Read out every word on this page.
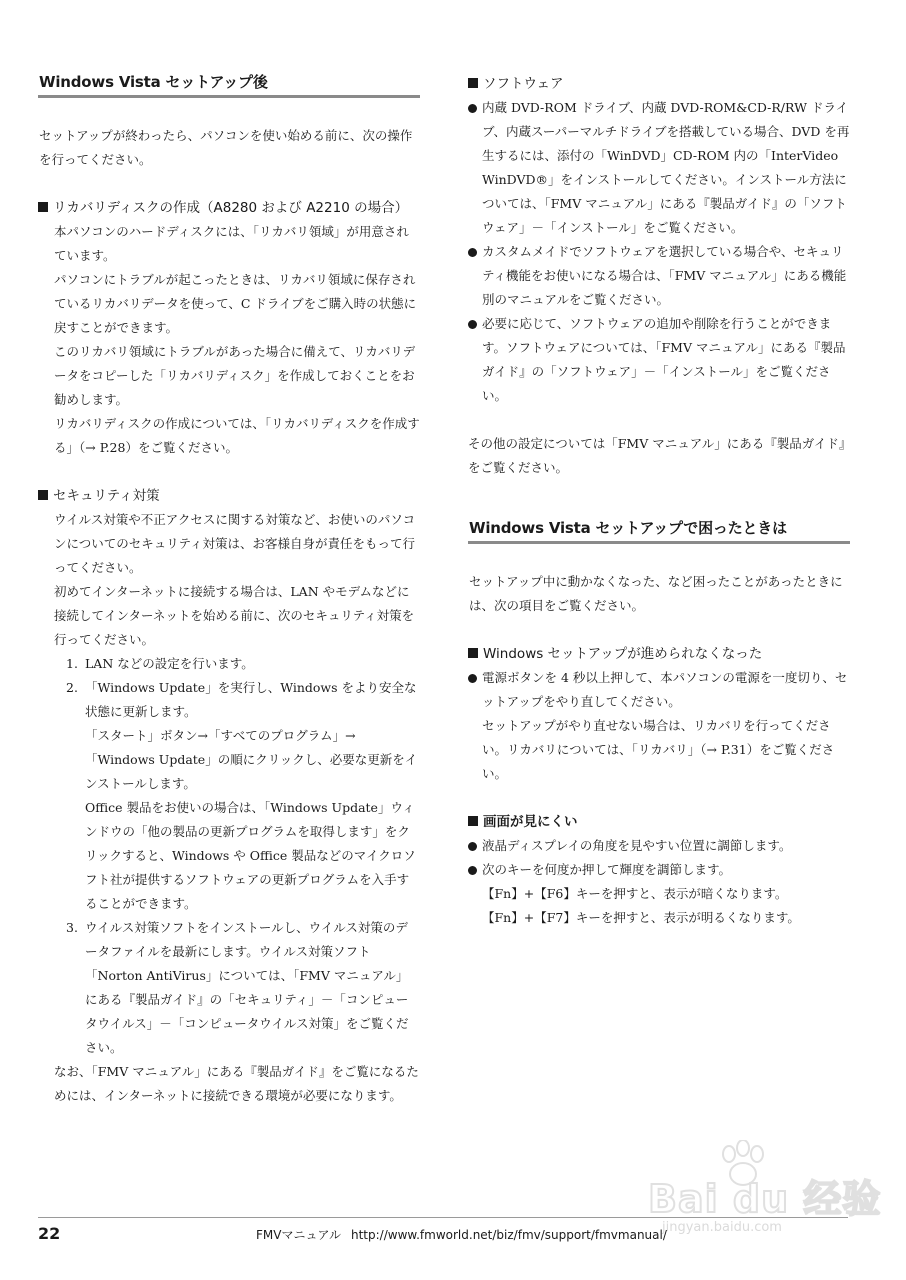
Windows Vista セットアップ後

セットアップが終わったら、パソコンを使い始める前に、次の操作を行ってください。

リカバリディスクの作成（A8280 および A2210 の場合）

本パソコンのハードディスクには、「リカバリ領域」が用意されています。

パソコンにトラブルが起こったときは、リカバリ領域に保存されているリカバリデータを使って、C ドライブをご購入時の状態に戻すことができます。

このリカバリ領域にトラブルがあった場合に備えて、リカバリデータをコピーした「リカバリディスク」を作成しておくことをお勧めします。

リカバリディスクの作成については、「リカバリディスクを作成する」（→ P.28）をご覧ください。

セキュリティ対策

ウイルス対策や不正アクセスに関する対策など、お使いのパソコンについてのセキュリティ対策は、お客様自身が責任をもって行ってください。

初めてインターネットに接続する場合は、LAN やモデムなどに接続してインターネットを始める前に、次のセキュリティ対策を行ってください。

1. LAN などの設定を行います。

2. 「Windows Update」を実行し、Windows をより安全な状態に更新します。

「スタート」ボタン→「すべてのプログラム」→「Windows Update」の順にクリックし、必要な更新をインストールします。

Office 製品をお使いの場合は、「Windows Update」ウィンドウの「他の製品の更新プログラムを取得します」をクリックすると、Windows や Office 製品などのマイクロソフト社が提供するソフトウェアの更新プログラムを入手することができます。

3. ウイルス対策ソフトをインストールし、ウイルス対策のデータファイルを最新にします。ウイルス対策ソフト「Norton AntiVirus」については、「FMV マニュアル」にある『製品ガイド』の「セキュリティ」－「コンピュータウイルス」－「コンピュータウイルス対策」をご覧ください。

なお、「FMV マニュアル」にある『製品ガイド』をご覧になるためには、インターネットに接続できる環境が必要になります。

ソフトウェア

内蔵 DVD-ROM ドライブ、内蔵 DVD-ROM&CD-R/RW ドライブ、内蔵スーパーマルチドライブを搭載している場合、DVD を再生するには、添付の「WinDVD」CD-ROM 内の「InterVideo WinDVD®」をインストールしてください。インストール方法については、「FMV マニュアル」にある『製品ガイド』の「ソフトウェア」－「インストール」をご覧ください。

カスタムメイドでソフトウェアを選択している場合や、セキュリティ機能をお使いになる場合は、「FMV マニュアル」にある機能別のマニュアルをご覧ください。

必要に応じて、ソフトウェアの追加や削除を行うことができます。ソフトウェアについては、「FMV マニュアル」にある『製品ガイド』の「ソフトウェア」－「インストール」をご覧ください。

その他の設定については「FMV マニュアル」にある『製品ガイド』をご覧ください。

Windows Vista セットアップで困ったときは

セットアップ中に動かなくなった、など困ったことがあったときには、次の項目をご覧ください。

Windows セットアップが進められなくなった

電源ボタンを 4 秒以上押して、本パソコンの電源を一度切り、セットアップをやり直してください。

セットアップがやり直せない場合は、リカバリを行ってください。リカバリについては、「リカバリ」（→ P.31）をご覧ください。

画面が見にくい

液晶ディスプレイの角度を見やすい位置に調節します。

次のキーを何度か押して輝度を調節します。

【Fn】+【F6】キーを押すと、表示が暗くなります。

【Fn】+【F7】キーを押すと、表示が明るくなります。

Bai du 经验
jingyan.baidu.com
22	FMVマニュアル http://www.fmworld.net/biz/fmv/support/fmvmanual/
